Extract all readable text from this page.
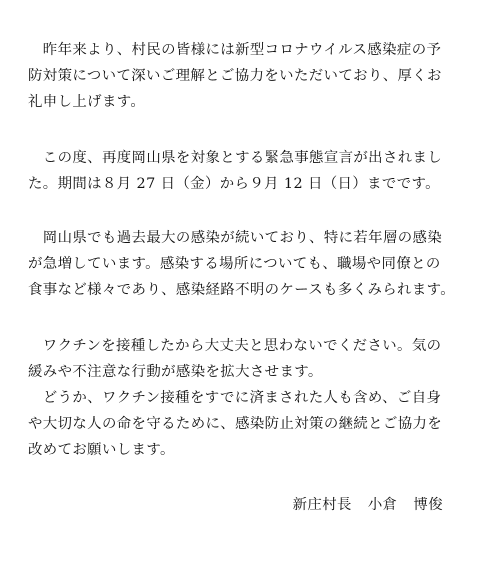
　昨年来より、村民の皆様には新型コロナウイルス感染症の予
防対策について深いご理解とご協力をいただいており、厚くお
礼申し上げます。
　この度、再度岡山県を対象とする緊急事態宣言が出されまし
た。期間は８月 27 日（金）から９月 12 日（日）までです。
　岡山県でも過去最大の感染が続いており、特に若年層の感染
が急増しています。感染する場所についても、職場や同僚との
食事など様々であり、感染経路不明のケースも多くみられます。
　ワクチンを接種したから大丈夫と思わないでください。気の
緩みや不注意な行動が感染を拡大させます。
　どうか、ワクチン接種をすでに済まされた人も含め、ご自身
や大切な人の命を守るために、感染防止対策の継続とご協力を
改めてお願いします。
新庄村長 小倉 博俊
